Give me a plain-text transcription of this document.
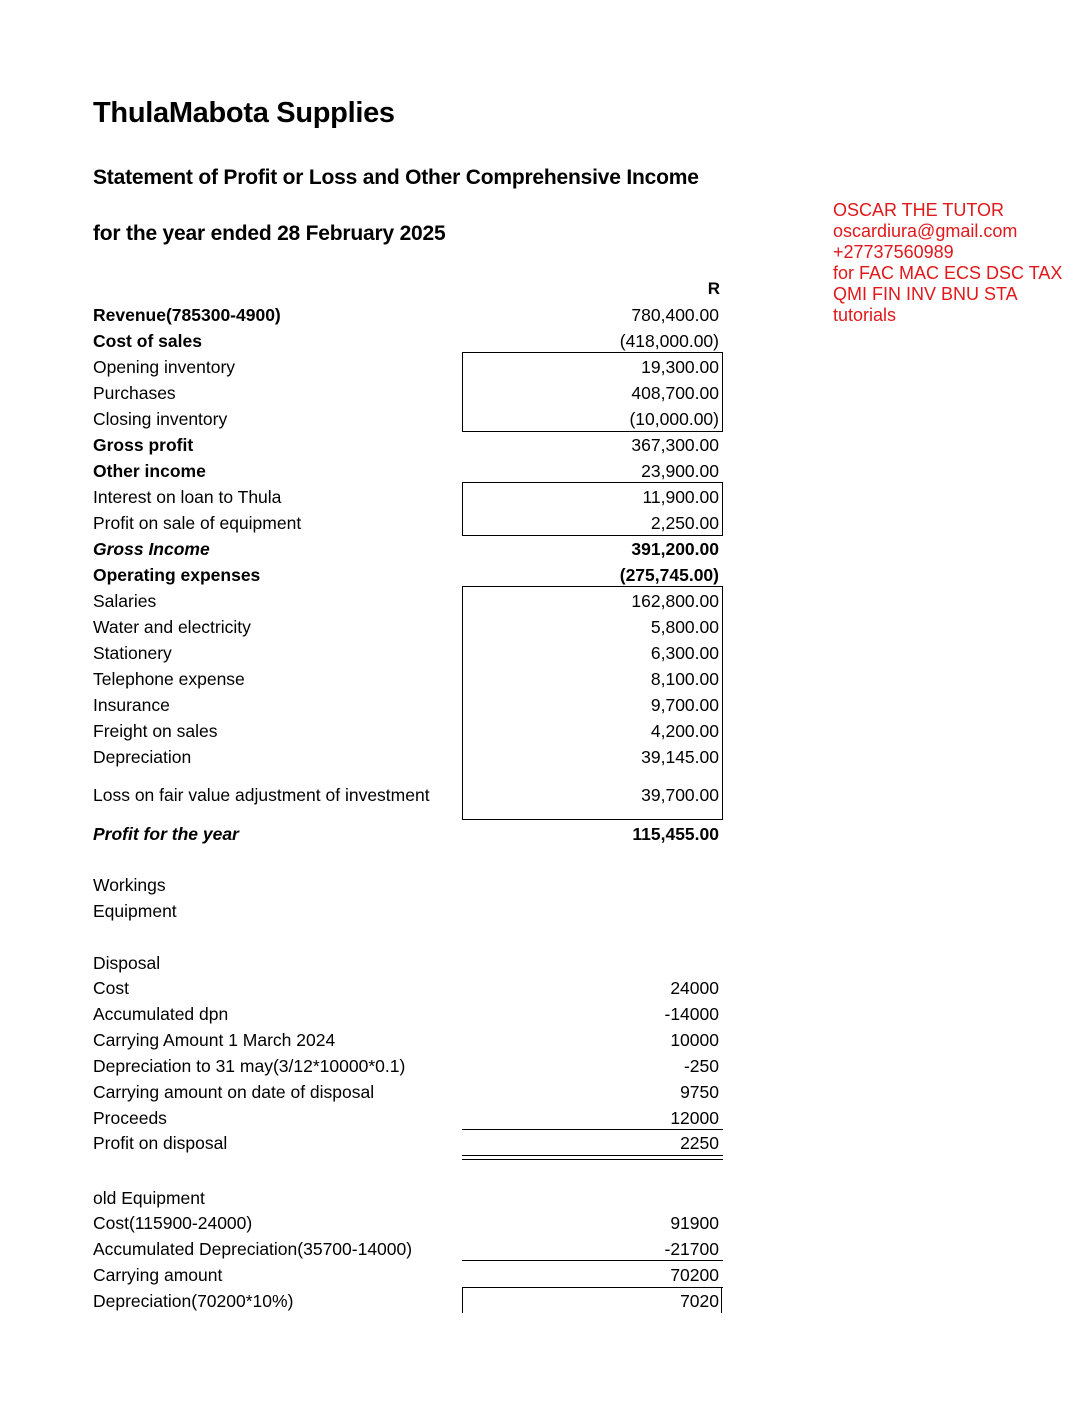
ThulaMabota Supplies
Statement of Profit or Loss and Other Comprehensive Income
for the year ended 28 February 2025
OSCAR THE TUTOR
oscardiura@gmail.com
+27737560989
for FAC MAC ECS DSC TAX
QMI FIN INV BNU STA
tutorials
R
Revenue(785300-4900)	780,400.00
Cost of sales	(418,000.00)
Opening inventory	19,300.00
Purchases	408,700.00
Closing inventory	(10,000.00)
Gross profit	367,300.00
Other income	23,900.00
Interest on loan to Thula	11,900.00
Profit on sale of equipment	2,250.00
Gross Income	391,200.00
Operating expenses	(275,745.00)
Salaries	162,800.00
Water and electricity	5,800.00
Stationery	6,300.00
Telephone expense	8,100.00
Insurance	9,700.00
Freight on sales	4,200.00
Depreciation	39,145.00
Loss on fair value adjustment of investment	39,700.00
Profit for the year	115,455.00
Workings
Equipment
Disposal
Cost	24000
Accumulated dpn	-14000
Carrying Amount 1 March 2024	10000
Depreciation to 31 may(3/12*10000*0.1)	-250
Carrying amount on date of disposal	9750
Proceeds	12000
Profit on disposal	2250
old Equipment
Cost(115900-24000)	91900
Accumulated Depreciation(35700-14000)	-21700
Carrying amount	70200
Depreciation(70200*10%)	7020
